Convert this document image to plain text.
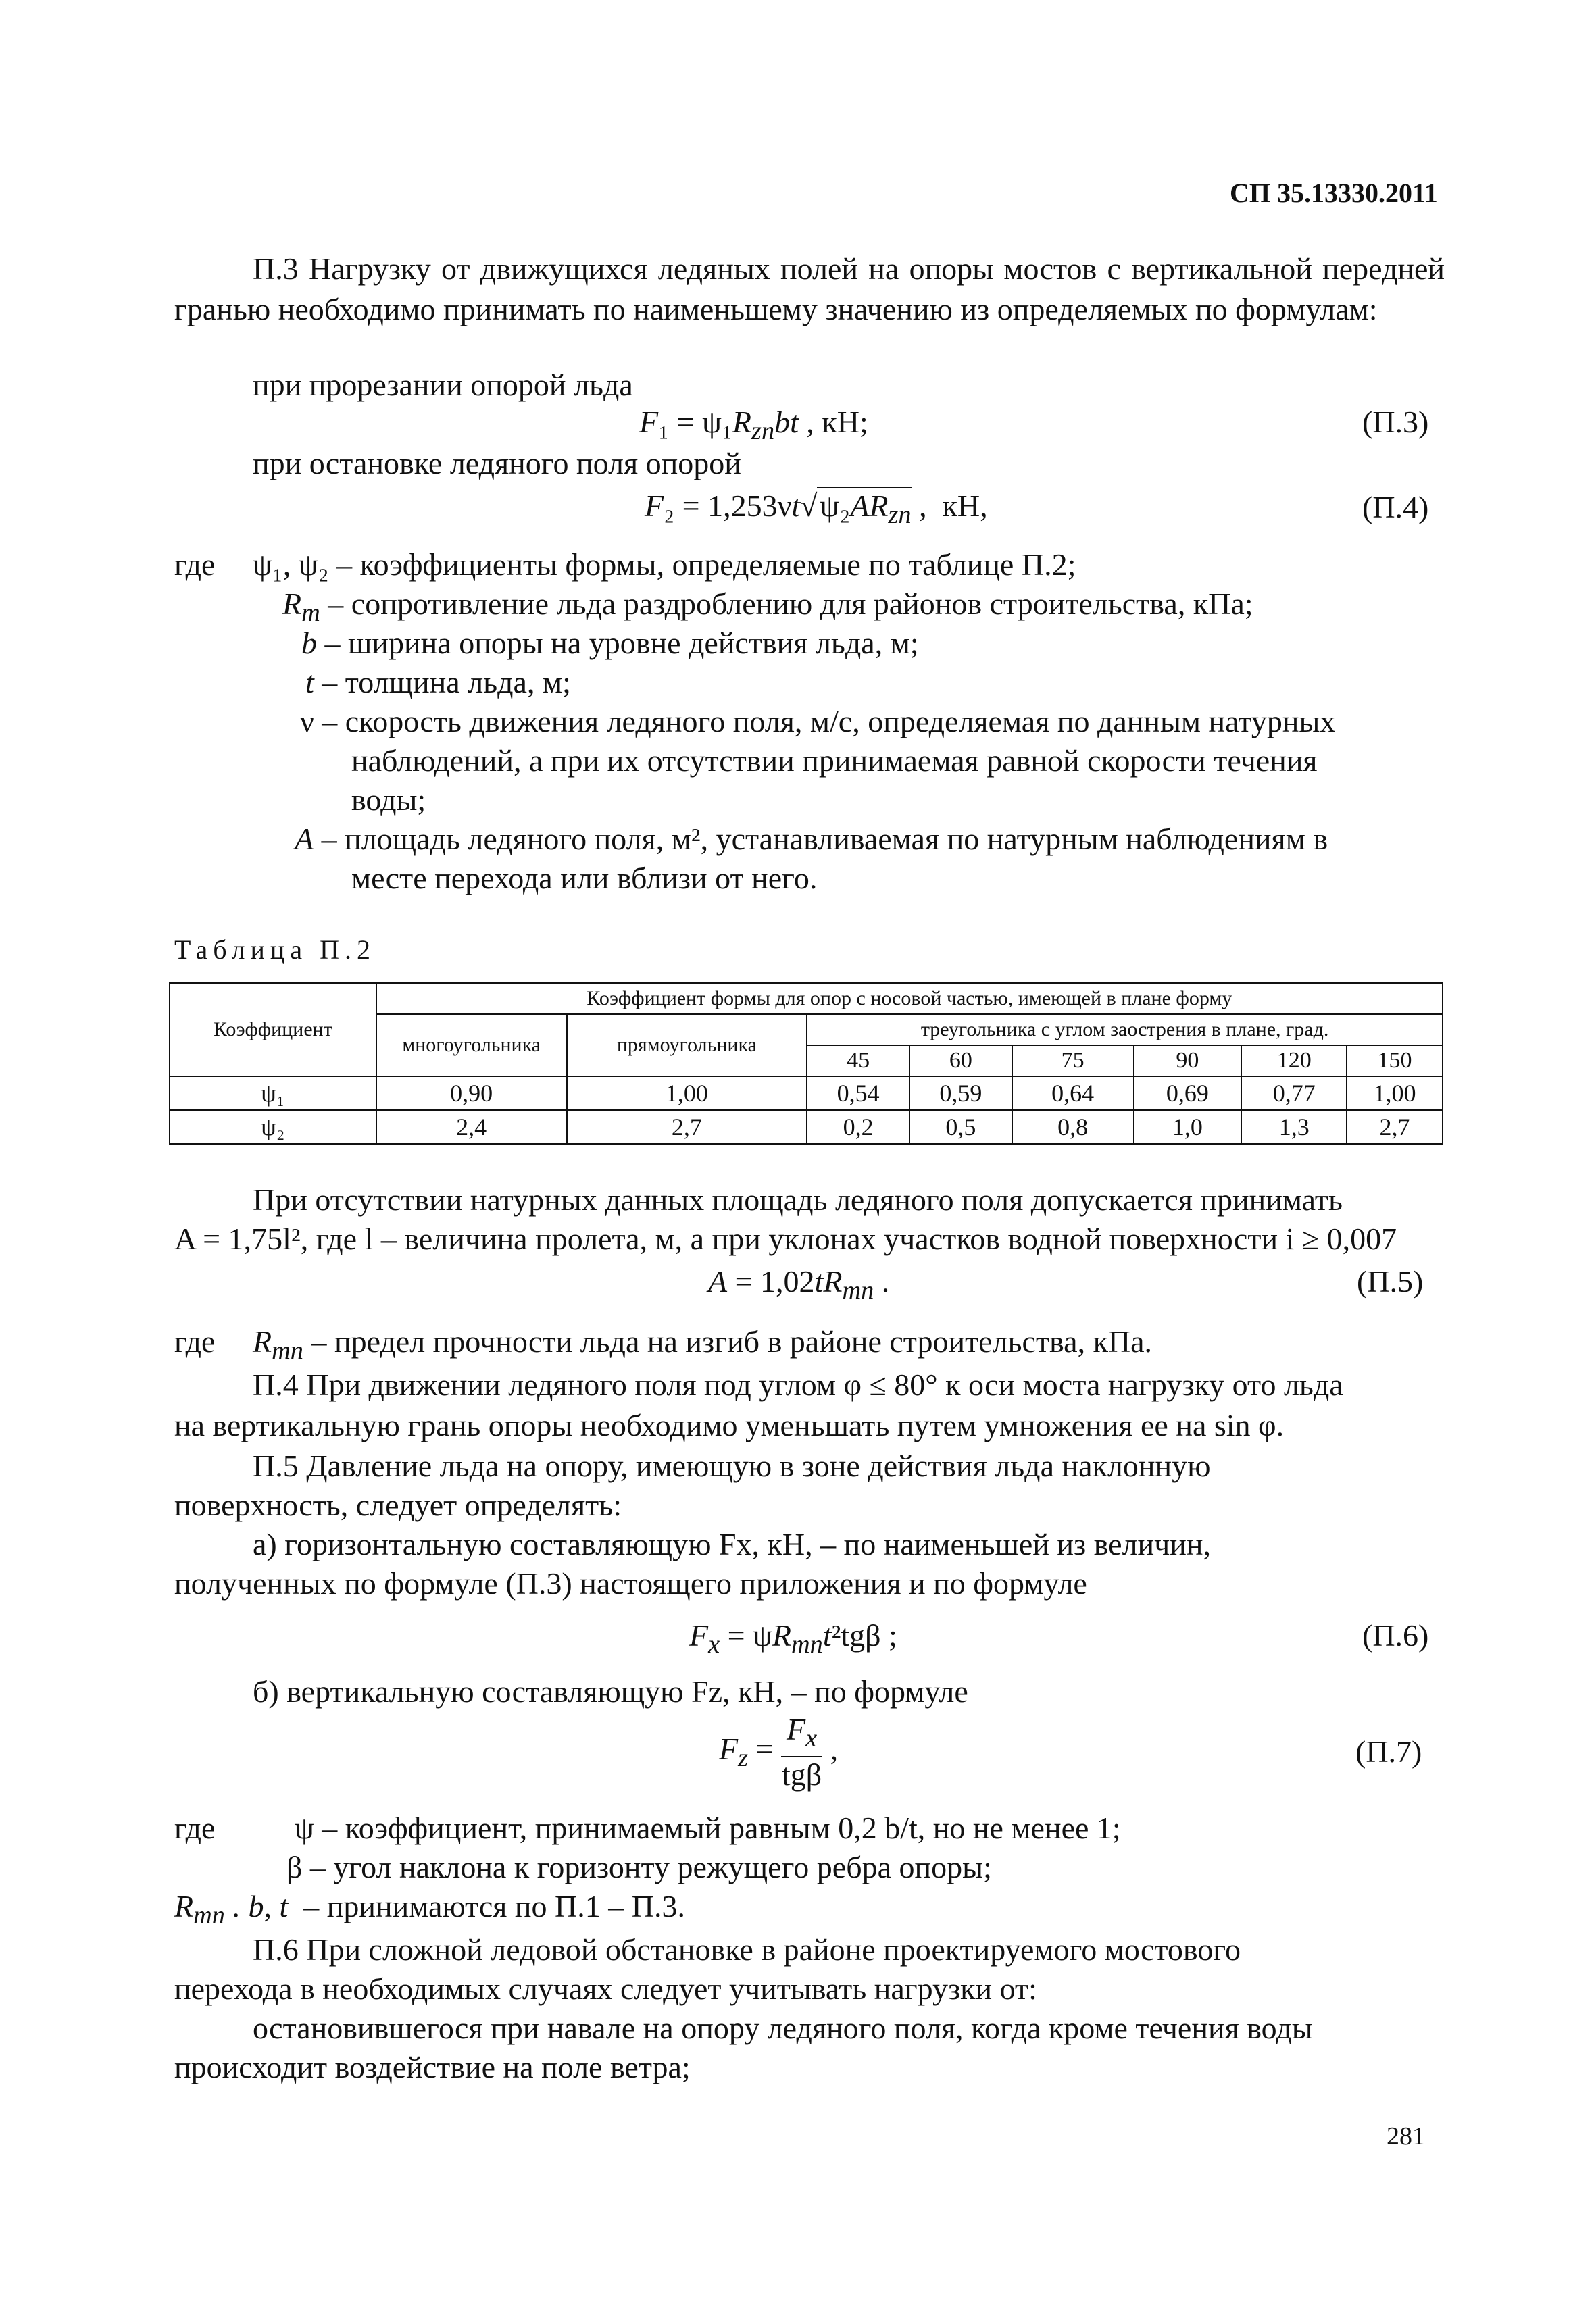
СП 35.13330.2011
П.3 Нагрузку от движущихся ледяных полей на опоры мостов с вертикальной передней гранью необходимо принимать по наименьшему значению из определяемых по формулам:
при прорезании опорой льда
$F_1 = \psi_1R_{zn}bt$ , кН;	(П.3)
при остановке ледяного поля опорой
$F_2 = 1,253\nu t√\psi_2AR_{zn}$ ,  кН,	(П.4)
где ψ₁, ψ₂ – коэффициенты формы, определяемые по таблице П.2;
$R_m$ – сопротивление льда раздроблению для районов строительства, кПа;
b – ширина опоры на уровне действия льда, м;
t – толщина льда, м;
ν – скорость движения ледяного поля, м/с, определяемая по данным натурных
наблюдений, а при их отсутствии принимаемая равной скорости течения
воды;
A – площадь ледяного поля, м², устанавливаемая по натурным наблюдениям в
месте перехода или вблизи от него.
Таблица П.2
Коэффициент	Коэффициент формы для опор с носовой частью, имеющей в плане форму							
	многоугольника	прямоугольника	треугольника с углом заострения в плане, град.					
			45	60	75	90	120	150
ψ₁	0,90	1,00	0,54	0,59	0,64	0,69	0,77	1,00
ψ₂	2,4	2,7	0,2	0,5	0,8	1,0	1,3	2,7
При отсутствии натурных данных площадь ледяного поля допускается принимать
A = 1,75l², где l – величина пролета, м, а при уклонах участков водной поверхности i ≥ 0,007
$A = 1,02tR_{mn}$ .	(П.5)
где $R_{mn}$ – предел прочности льда на изгиб в районе строительства, кПа.
П.4 При движении ледяного поля под углом φ ≤ 80° к оси моста нагрузку ото льда
на вертикальную грань опоры необходимо уменьшать путем умножения ее на sin φ.
П.5 Давление льда на опору, имеющую в зоне действия льда наклонную
поверхность, следует определять:
а) горизонтальную составляющую Fx, кН, – по наименьшей из величин,
полученных по формуле (П.3) настоящего приложения и по формуле
$F_x = \psi R_{mn}t^2tg\beta$ ;	(П.6)
б) вертикальную составляющую Fz, кН, – по формуле
$F_z = \frac{F_x}{\text{tgβ}}$ ,	(П.7)
где	ψ – коэффициент, принимаемый равным 0,2 b/t, но не менее 1;
β – угол наклона к горизонту режущего ребра опоры;
$R_{mn}$ . b, t – принимаются по П.1 – П.3.
П.6 При сложной ледовой обстановке в районе проектируемого мостового
перехода в необходимых случаях следует учитывать нагрузки от:
остановившегося при навале на опору ледяного поля, когда кроме течения воды
происходит воздействие на поле ветра;
281
